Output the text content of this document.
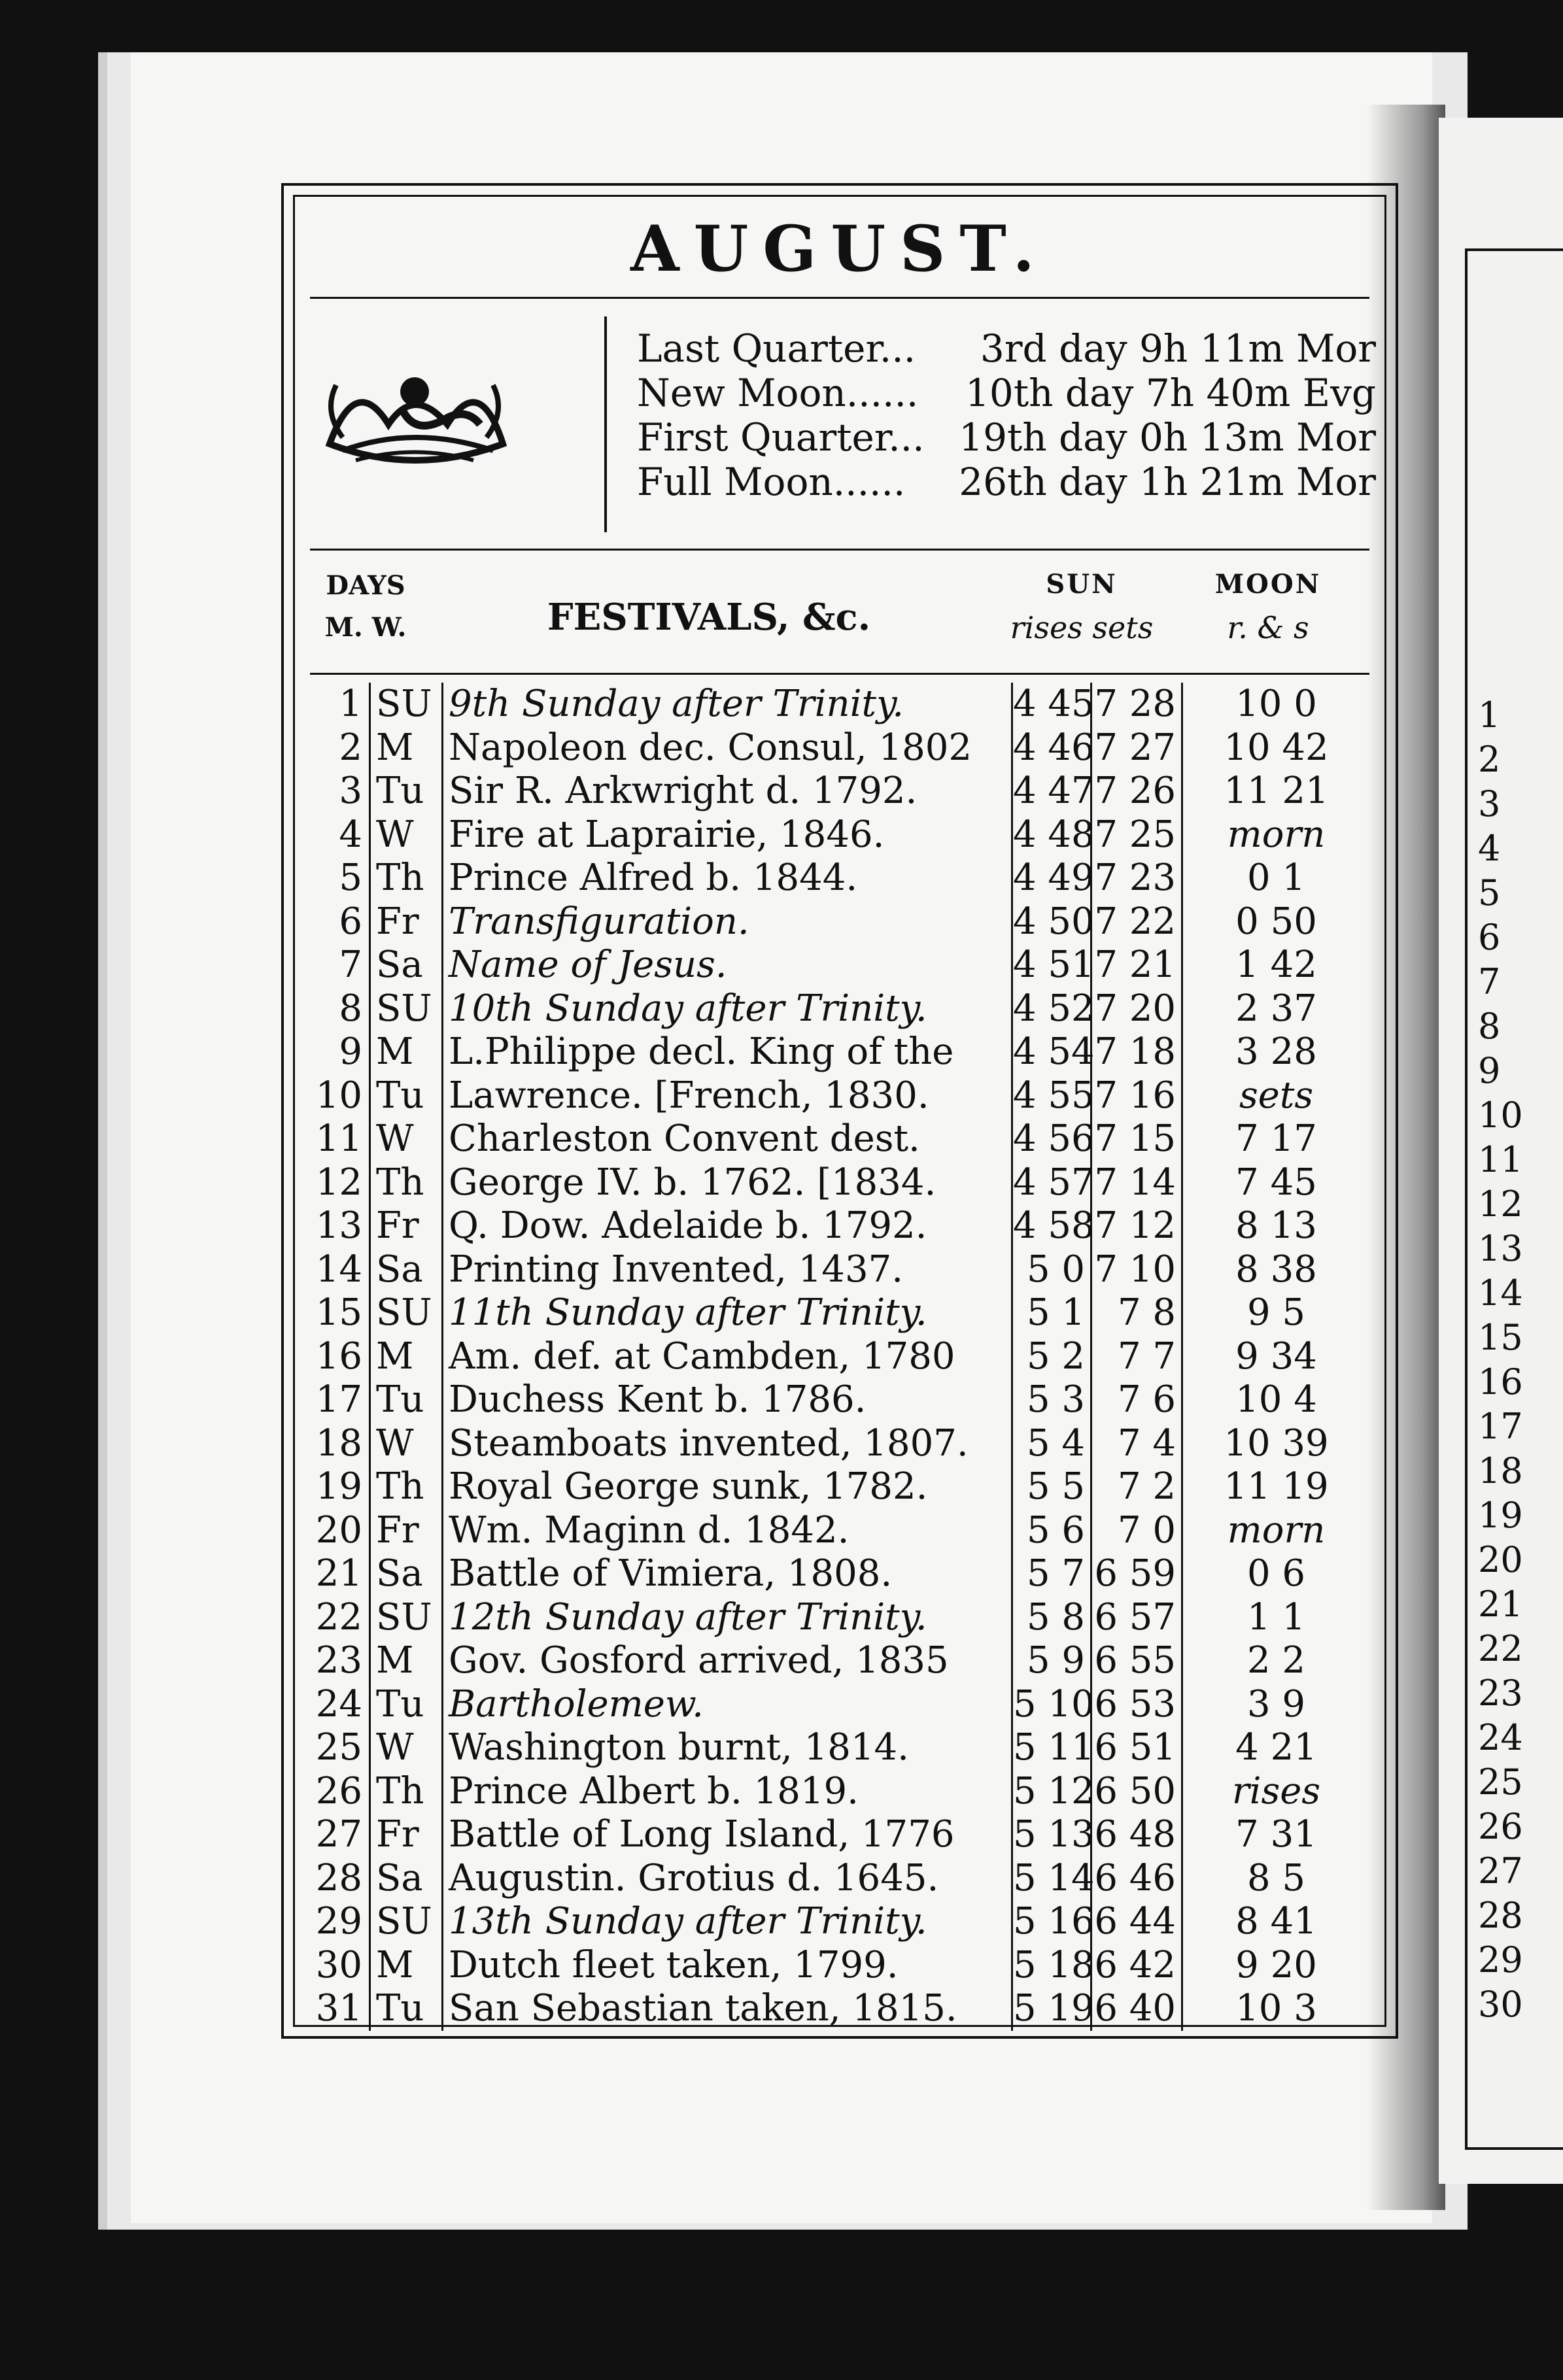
1
2
3
4
5
6
7
8
9
10
11
12
13
14
15
16
17
18
19
20
21
22
23
24
25
26
27
28
29
30
AUGUST.
Last Quarter... 3rd day 9h 11m Mor
New Moon...... 10th day 7h 40m Evg
First Quarter... 19th day 0h 13m Mor
Full Moon...... 26th day 1h 21m Mor
DAYS
M. W.	FESTIVALS, &c.
SUN
rises sets
MOON
r. & s
1 SU 9th Sunday after Trinity.	4 45 7 28	10 0
2 M Napoleon dec. Consul, 1802	4 46 7 27	10 42
3 Tu Sir R. Arkwright d. 1792.	4 47 7 26	11 21
4 W Fire at Laprairie, 1846.	4 48 7 25	morn
5 Th Prince Alfred b. 1844.	4 49 7 23	0 1
6 Fr Transfiguration.	4 50 7 22	0 50
7 Sa Name of Jesus.	4 51 7 21	1 42
8 SU 10th Sunday after Trinity.	4 52 7 20	2 37
9 M L.Philippe decl. King of the	4 54 7 18	3 28
10 Tu Lawrence. [French, 1830.	4 55 7 16	sets
11 W Charleston Convent dest.	4 56 7 15	7 17
12 Th George IV. b. 1762. [1834.	4 57 7 14	7 45
13 Fr Q. Dow. Adelaide b. 1792.	4 58 7 12	8 13
14 Sa Printing Invented, 1437.	5 0 7 10	8 38
15 SU 11th Sunday after Trinity.	5 1 7 8	9 5
16 M Am. def. at Cambden, 1780	5 2 7 7	9 34
17 Tu Duchess Kent b. 1786.	5 3 7 6	10 4
18 W Steamboats invented, 1807.	5 4 7 4	10 39
19 Th Royal George sunk, 1782.	5 5 7 2	11 19
20 Fr Wm. Maginn d. 1842.	5 6 7 0	morn
21 Sa Battle of Vimiera, 1808.	5 7 6 59	0 6
22 SU 12th Sunday after Trinity.	5 8 6 57	1 1
23 M Gov. Gosford arrived, 1835	5 9 6 55	2 2
24 Tu Bartholemew.	5 10 6 53	3 9
25 W Washington burnt, 1814.	5 11 6 51	4 21
26 Th Prince Albert b. 1819.	5 12 6 50	rises
27 Fr Battle of Long Island, 1776	5 13 6 48	7 31
28 Sa Augustin. Grotius d. 1645.	5 14 6 46	8 5
29 SU 13th Sunday after Trinity.	5 16 6 44	8 41
30 M Dutch fleet taken, 1799.	5 18 6 42	9 20
31 Tu San Sebastian taken, 1815.	5 19 6 40	10 3
